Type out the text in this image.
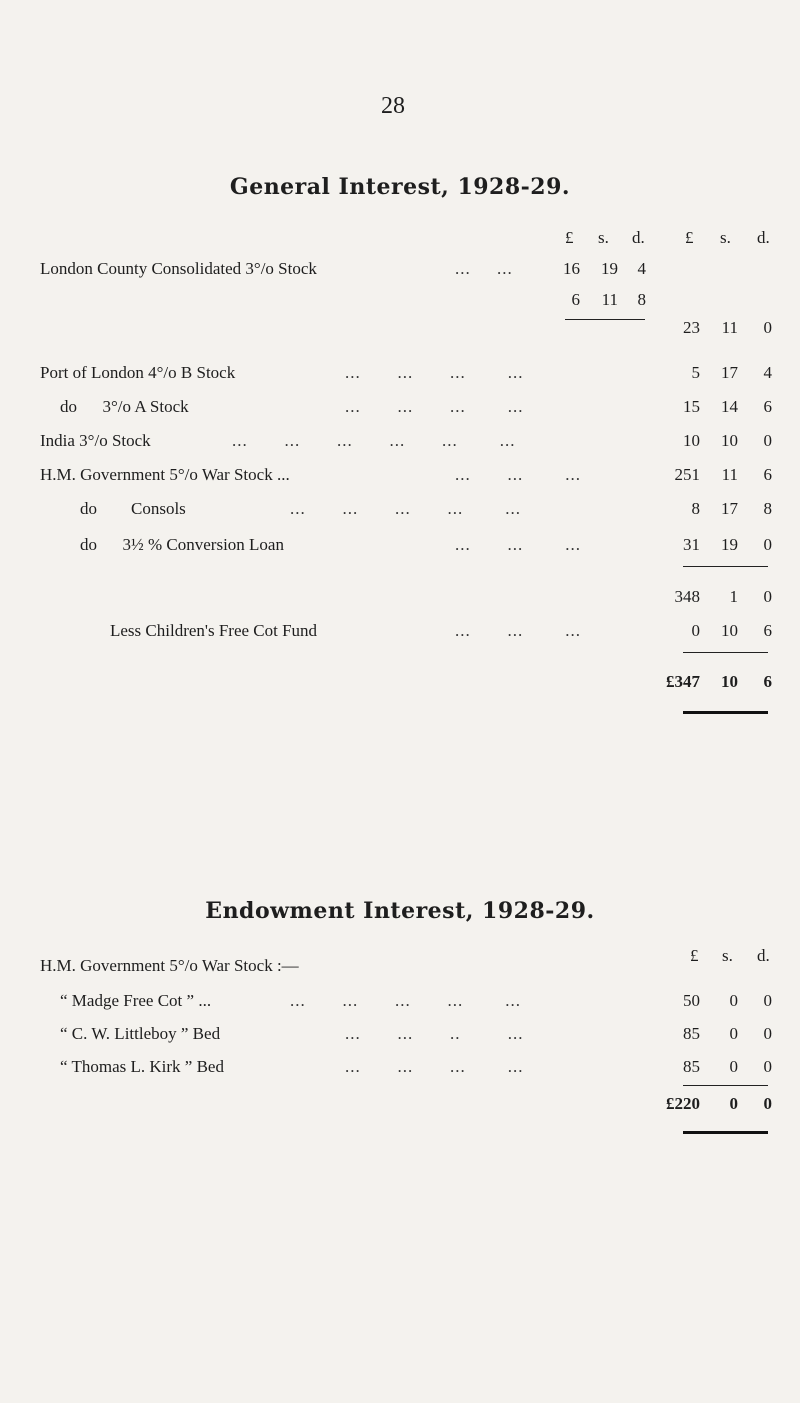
28
General Interest, 1928-29.
£ s. d. £ s. d.
London County Consolidated 3°/o Stock	...     ...	16	19	4
6	11	8
23	11	0
Port of London 4°/o B Stock	...       ...       ...        ...	5	17	4
do      3°/o A Stock	...       ...       ...        ...	15	14	6
India 3°/o Stock	...       ...       ...       ...       ...        ...	10	10	0
H.M. Government 5°/o War Stock ...	...       ...        ...	251	11	6
do        Consols	...       ...       ...       ...        ...	8	17	8
do      3½ % Conversion Loan	...       ...        ...	31	19	0
348	1	0
Less Children's Free Cot Fund	...       ...        ...	0	10	6
£347	10	6
Endowment Interest, 1928-29.
£ s. d.
H.M. Government 5°/o War Stock :—
“ Madge Free Cot ” ...	...       ...       ...       ...        ...	50	0	0
“ C. W. Littleboy ” Bed	...       ...       ..         ...	85	0	0
“ Thomas L. Kirk ” Bed	...       ...       ...        ...	85	0	0
£220	0	0
